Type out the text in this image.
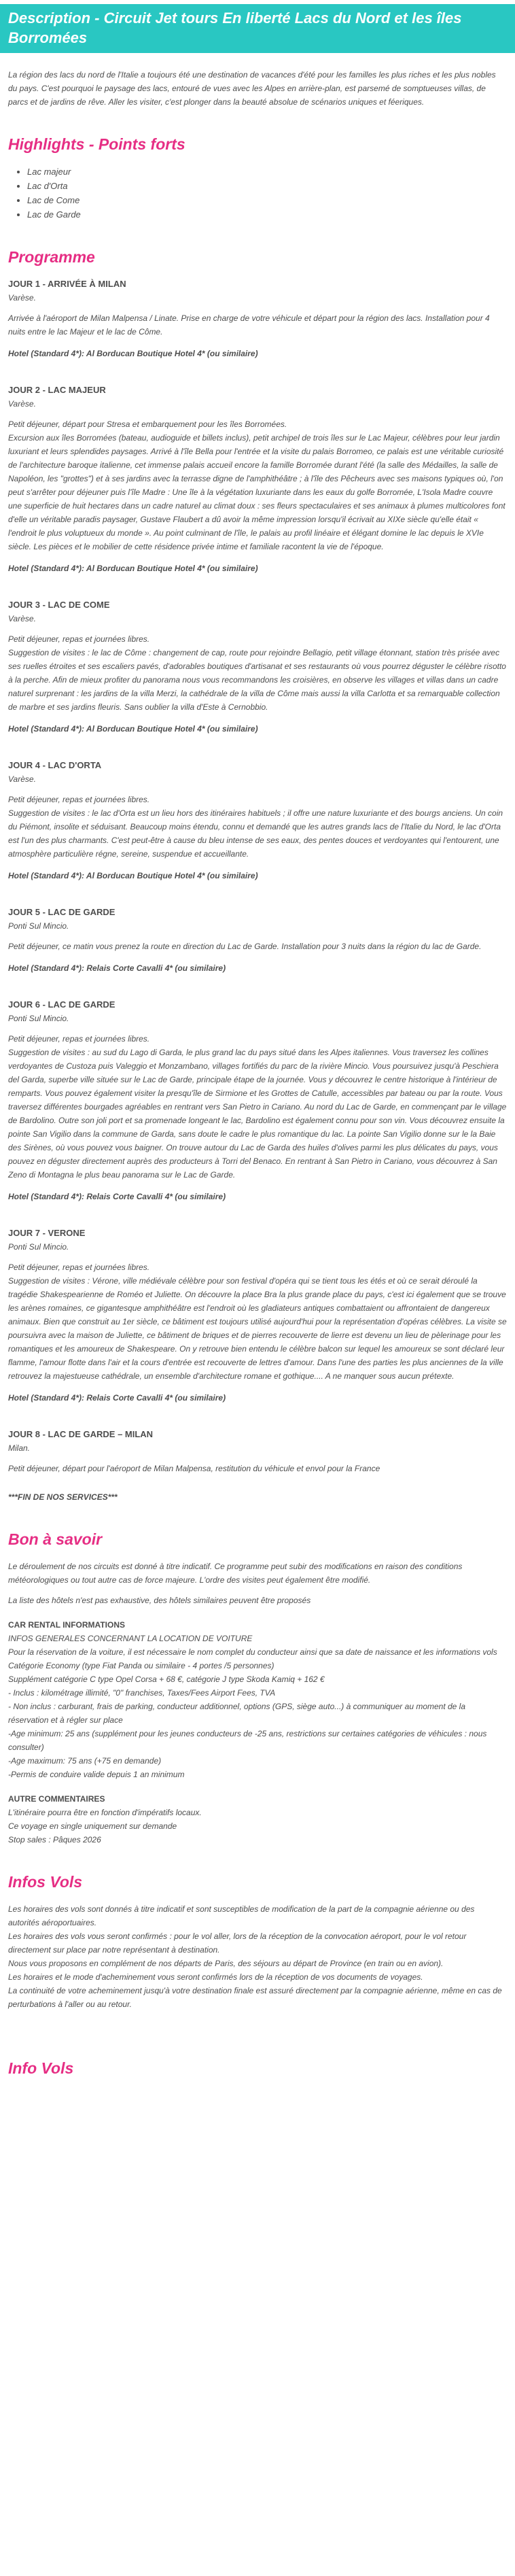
Description - Circuit Jet tours En liberté Lacs du Nord et les îles Borromées

La région des lacs du nord de l'Italie a toujours été une destination de vacances d'été pour les familles les plus riches et les plus nobles du pays. C'est pourquoi le paysage des lacs, entouré de vues avec les Alpes en arrière-plan, est parsemé de somptueuses villas, de parcs et de jardins de rêve. Aller les visiter, c'est plonger dans la beauté absolue de scénarios uniques et féeriques.

Highlights - Points forts
• Lac majeur
• Lac d'Orta
• Lac de Come
• Lac de Garde
Programme

JOUR 1 - ARRIVÉE À MILAN

Varèse.

Arrivée à l'aéroport de Milan Malpensa / Linate. Prise en charge de votre véhicule et départ pour la région des lacs. Installation pour 4 nuits entre le lac Majeur et le lac de Côme.

Hotel (Standard 4*): Al Borducan Boutique Hotel 4* (ou similaire)

JOUR 2 - LAC MAJEUR

Varèse.

Petit déjeuner, départ pour Stresa et embarquement pour les îles Borromées.
Excursion aux îles Borromées (bateau, audioguide et billets inclus), petit archipel de trois îles sur le Lac Majeur, célèbres pour leur jardin luxuriant et leurs splendides paysages. Arrivé à l'île Bella pour l'entrée et la visite du palais Borromeo, ce palais est une véritable curiosité de l'architecture baroque italienne, cet immense palais accueil encore la famille Borromée durant l'été (la salle des Médailles, la salle de Napoléon, les "grottes") et à ses jardins avec la terrasse digne de l'amphithéâtre ; à l'île des Pêcheurs avec ses maisons typiques où, l'on peut s'arrêter pour déjeuner puis l'île Madre : Une île à la végétation luxuriante dans les eaux du golfe Borromée, L'Isola Madre couvre une superficie de huit hectares dans un cadre naturel au climat doux : ses fleurs spectaculaires et ses animaux à plumes multicolores font d'elle un véritable paradis paysager, Gustave Flaubert a dû avoir la même impression lorsqu'il écrivait au XIXe siècle qu'elle était « l'endroit le plus voluptueux du monde ». Au point culminant de l'île, le palais au profil linéaire et élégant domine le lac depuis le XVIe siècle. Les pièces et le mobilier de cette résidence privée intime et familiale racontent la vie de l'époque.

Hotel (Standard 4*): Al Borducan Boutique Hotel 4* (ou similaire)

JOUR 3 - LAC DE COME

Varèse.

Petit déjeuner, repas et journées libres.
Suggestion de visites : le lac de Côme : changement de cap, route pour rejoindre Bellagio, petit village étonnant, station très prisée avec ses ruelles étroites et ses escaliers pavés, d'adorables boutiques d'artisanat et ses restaurants où vous pourrez déguster le célèbre risotto à la perche. Afin de mieux profiter du panorama nous vous recommandons les croisières, en observe les villages et villas dans un cadre naturel surprenant : les jardins de la villa Merzi, la cathédrale de la villa de Côme mais aussi la villa Carlotta et sa remarquable collection de marbre et ses jardins fleuris. Sans oublier la villa d'Este à Cernobbio.

Hotel (Standard 4*): Al Borducan Boutique Hotel 4* (ou similaire)

JOUR 4 - LAC D'ORTA

Varèse.

Petit déjeuner, repas et journées libres.
Suggestion de visites : le lac d'Orta est un lieu hors des itinéraires habituels ; il offre une nature luxuriante et des bourgs anciens. Un coin du Piémont, insolite et séduisant. Beaucoup moins étendu, connu et demandé que les autres grands lacs de l'Italie du Nord, le lac d'Orta est l'un des plus charmants. C'est peut-être à cause du bleu intense de ses eaux, des pentes douces et verdoyantes qui l'entourent, une atmosphère particulière régne, sereine, suspendue et accueillante.

Hotel (Standard 4*): Al Borducan Boutique Hotel 4* (ou similaire)

JOUR 5 - LAC DE GARDE

Ponti Sul Mincio.

Petit déjeuner, ce matin vous prenez la route en direction du Lac de Garde. Installation pour 3 nuits dans la région du lac de Garde.

Hotel (Standard 4*): Relais Corte Cavalli 4* (ou similaire)

JOUR 6 - LAC DE GARDE

Ponti Sul Mincio.

Petit déjeuner, repas et journées libres.
Suggestion de visites : au sud du Lago di Garda, le plus grand lac du pays situé dans les Alpes italiennes. Vous traversez les collines verdoyantes de Custoza puis Valeggio et Monzambano, villages fortifiés du parc de la rivière Mincio. Vous poursuivez jusqu'à Peschiera del Garda, superbe ville située sur le Lac de Garde, principale étape de la journée. Vous y découvrez le centre historique à l'intérieur de remparts. Vous pouvez également visiter la presqu'île de Sirmione et les Grottes de Catulle, accessibles par bateau ou par la route. Vous traversez différentes bourgades agréables en rentrant vers San Pietro in Cariano. Au nord du Lac de Garde, en commençant par le village de Bardolino. Outre son joli port et sa promenade longeant le lac, Bardolino est également connu pour son vin. Vous découvrez ensuite la pointe San Vigilio dans la commune de Garda, sans doute le cadre le plus romantique du lac. La pointe San Vigilio donne sur le la Baie des Sirènes, où vous pouvez vous baigner. On trouve autour du Lac de Garda des huiles d'olives parmi les plus délicates du pays, vous pouvez en déguster directement auprès des producteurs à Torri del Benaco. En rentrant à San Pietro in Cariano, vous découvrez à San Zeno di Montagna le plus beau panorama sur le Lac de Garde.

Hotel (Standard 4*): Relais Corte Cavalli 4* (ou similaire)

JOUR 7 - VERONE

Ponti Sul Mincio.

Petit déjeuner, repas et journées libres.
Suggestion de visites : Vérone, ville médiévale célèbre pour son festival d'opéra qui se tient tous les étés et où ce serait déroulé la tragédie Shakespearienne de Roméo et Juliette. On découvre la place Bra la plus grande place du pays, c'est ici également que se trouve les arènes romaines, ce gigantesque amphithéâtre est l'endroit où les gladiateurs antiques combattaient ou affrontaient de dangereux animaux. Bien que construit au 1er siècle, ce bâtiment est toujours utilisé aujourd'hui pour la représentation d'opéras célèbres. La visite se poursuivra avec la maison de Juliette, ce bâtiment de briques et de pierres recouverte de lierre est devenu un lieu de pèlerinage pour les romantiques et les amoureux de Shakespeare. On y retrouve bien entendu le célèbre balcon sur lequel les amoureux se sont déclaré leur flamme, l'amour flotte dans l'air et la cours d'entrée est recouverte de lettres d'amour. Dans l'une des parties les plus anciennes de la ville retrouvez la majestueuse cathédrale, un ensemble d'architecture romane et gothique.... A ne manquer sous aucun prétexte.

Hotel (Standard 4*): Relais Corte Cavalli 4* (ou similaire)

JOUR 8 - LAC DE GARDE – MILAN

Milan.

Petit déjeuner, départ pour l'aéroport de Milan Malpensa, restitution du véhicule et envol pour la France

***FIN DE NOS SERVICES***
Bon à savoir

Le déroulement de nos circuits est donné à titre indicatif. Ce programme peut subir des modifications en raison des conditions météorologiques ou tout autre cas de force majeure. L'ordre des visites peut également être modifié.

La liste des hôtels n'est pas exhaustive, des hôtels similaires peuvent être proposés

CAR RENTAL INFORMATIONS

INFOS GENERALES CONCERNANT LA LOCATION DE VOITURE
Pour la réservation de la voiture, il est nécessaire le nom complet du conducteur ainsi que sa date de naissance et les informations vols
Catégorie Economy (type Fiat Panda ou similaire - 4 portes /5 personnes)
Supplément catégorie C type Opel Corsa + 68 €, catégorie J type Skoda Kamiq + 162 €
- Inclus : kilométrage illimité, "0" franchises, Taxes/Fees Airport Fees, TVA
- Non inclus : carburant, frais de parking, conducteur additionnel, options (GPS, siège auto...) à communiquer au moment de la réservation et à régler sur place
-Age minimum: 25 ans (supplément pour les jeunes conducteurs de -25 ans, restrictions sur certaines catégories de véhicules : nous consulter)
-Age maximum: 75 ans (+75 en demande)
-Permis de conduire valide depuis 1 an minimum

AUTRE COMMENTAIRES

L'itinéraire pourra être en fonction d'impératifs locaux.
Ce voyage en single uniquement sur demande
Stop sales : Pâques 2026

Infos Vols

Les horaires des vols sont donnés à titre indicatif et sont susceptibles de modification de la part de la compagnie aérienne ou des autorités aéroportuaires.
Les horaires des vols vous seront confirmés : pour le vol aller, lors de la réception de la convocation aéroport, pour le vol retour directement sur place par notre représentant à destination.
Nous vous proposons en complément de nos départs de Paris, des séjours au départ de Province (en train ou en avion).
Les horaires et le mode d'acheminement vous seront confirmés lors de la réception de vos documents de voyages.
La continuité de votre acheminement jusqu'à votre destination finale est assuré directement par la compagnie aérienne, même en cas de perturbations à l'aller ou au retour.

Info Vols
